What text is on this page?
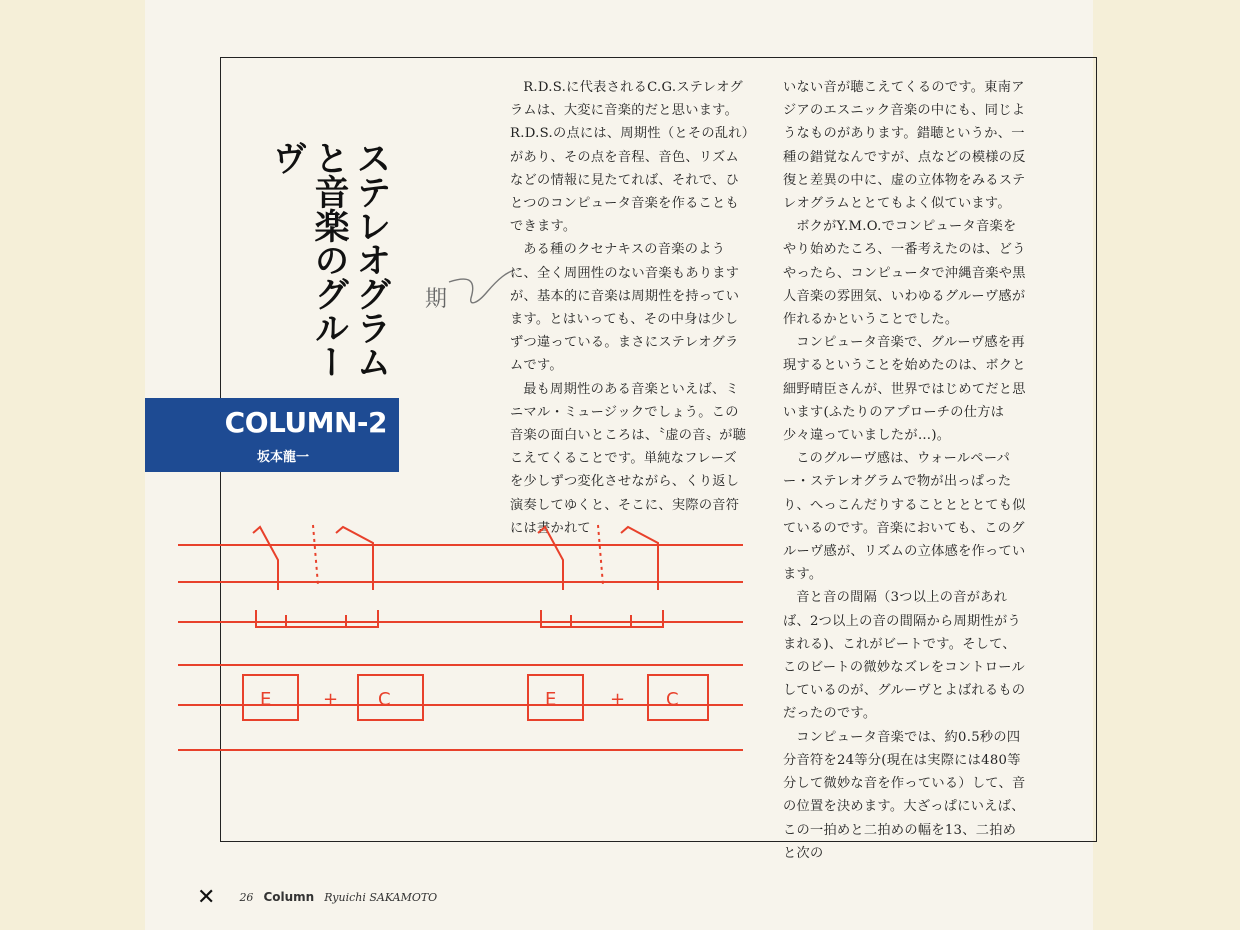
ステレオグラムと音楽のグルーヴ
COLUMN-2
坂本龍一
期

R.D.S.に代表されるC.G.ステレオグラムは、大変に音楽的だと思います。R.D.S.の点には、周期性（とその乱れ）があり、その点を音程、音色、リズムなどの情報に見たてれば、それで、ひとつのコンピュータ音楽を作ることもできます。

ある種のクセナキスの音楽のように、全く周囲性のない音楽もありますが、基本的に音楽は周期性を持っています。とはいっても、その中身は少しずつ違っている。まさにステレオグラムです。

最も周期性のある音楽といえば、ミニマル・ミュージックでしょう。この音楽の面白いところは、〝虚の音〟が聴こえてくることです。単純なフレーズを少しずつ変化させながら、くり返し演奏してゆくと、そこに、実際の音符には書かれて

いない音が聴こえてくるのです。東南アジアのエスニック音楽の中にも、同じようなものがあります。錯聴というか、一種の錯覚なんですが、点などの模様の反復と差異の中に、虚の立体物をみるステレオグラムととてもよく似ています。

ボクがY.M.O.でコンピュータ音楽をやり始めたころ、一番考えたのは、どうやったら、コンピュータで沖縄音楽や黒人音楽の雰囲気、いわゆるグルーヴ感が作れるかということでした。

コンピュータ音楽で、グルーヴ感を再現するということを始めたのは、ボクと細野晴臣さんが、世界ではじめてだと思います(ふたりのアプローチの仕方は少々違っていましたが…)。

このグルーヴ感は、ウォールペーパー・ステレオグラムで物が出っぱったり、へっこんだりすることとととても似ているのです。音楽においても、このグルーヴ感が、リズムの立体感を作っています。

音と音の間隔（3つ以上の音があれば、2つ以上の音の間隔から周期性がうまれる)、これがビートです。そして、このビートの微妙なズレをコントロールしているのが、グルーヴとよばれるものだったのです。

コンピュータ音楽では、約0.5秒の四分音符を24等分(現在は実際には480等分して微妙な音を作っている）して、音の位置を決めます。大ざっぱにいえば、この一拍めと二拍めの幅を13、二拍めと次の

E	+ C	E	+ C
✕ 26 Column Ryuichi SAKAMOTO
